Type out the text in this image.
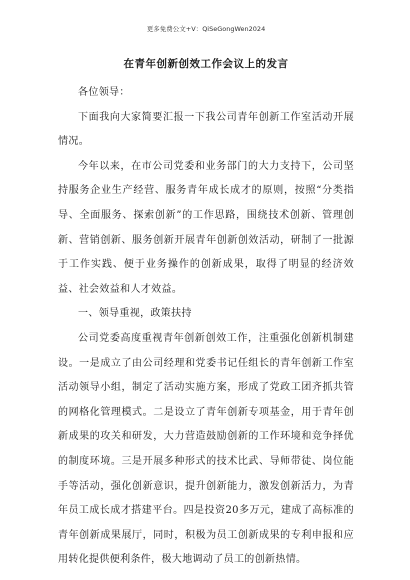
更多免费公文+V：QiSeGongWen2024
在青年创新创效工作会议上的发言

各位领导：

下面我向大家简要汇报一下我公司青年创新工作室活动开展情况。

今年以来，在市公司党委和业务部门的大力支持下，公司坚持服务企业生产经营、服务青年成长成才的原则，按照“分类指导、全面服务、探索创新”的工作思路，围绕技术创新、管理创新、营销创新、服务创新开展青年创新创效活动，研制了一批源于工作实践、便于业务操作的创新成果，取得了明显的经济效益、社会效益和人才效益。

一、领导重视，政策扶持

公司党委高度重视青年创新创效工作，注重强化创新机制建设。一是成立了由公司经理和党委书记任组长的青年创新工作室活动领导小组，制定了活动实施方案，形成了党政工团齐抓共管的网格化管理模式。二是设立了青年创新专项基金，用于青年创新成果的攻关和研发，大力营造鼓励创新的工作环境和竞争择优的制度环境。三是开展多种形式的技术比武、导师带徒、岗位能手等活动，强化创新意识，提升创新能力，激发创新活力，为青年员工成长成才搭建平台。四是投资20多万元，建成了高标准的青年创新成果展厅，同时，积极为员工创新成果的专利申报和应用转化提供便利条件，极大地调动了员工的创新热情。
